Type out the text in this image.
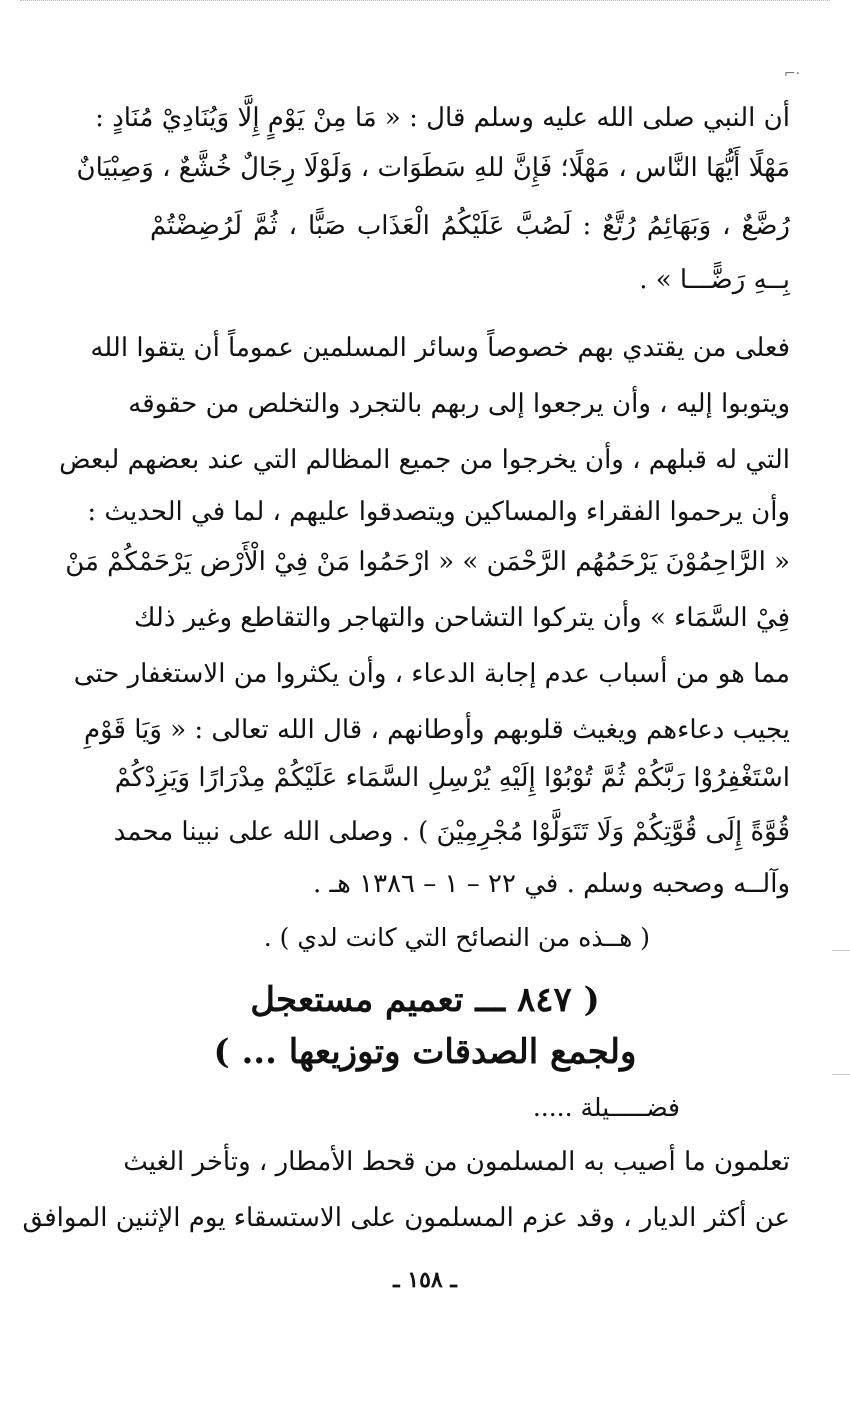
·⌐
أن النبي صلى الله عليه وسلم قال : « مَا مِنْ يَوْمٍ إِلَّا وَيُنَادِيْ مُنَادٍ :
مَهْلًا أَيُّهَا النَّاس ، مَهْلًا؛ فَإِنَّ للهِ سَطَوَات ، وَلَوْلَا رِجَالٌ خُشَّعٌ ، وَصِبْيَانٌ
رُضَّعٌ ، وَبَهَائِمُ رُتَّعٌ : لَصُبَّ عَلَيْكُمُ الْعَذَاب صَبًّا ، ثُمَّ لَرُضِضْتُمْ
بِــهِ رَضًّـــا » .
فعلى من يقتدي بهم خصوصاً وسائر المسلمين عموماً أن يتقوا الله
ويتوبوا إليه ، وأن يرجعوا إلى ربهم بالتجرد والتخلص من حقوقه
التي له قبلهم ، وأن يخرجوا من جميع المظالم التي عند بعضهم لبعض
وأن يرحموا الفقراء والمساكين ويتصدقوا عليهم ، لما في الحديث :
« الرَّاحِمُوْنَ يَرْحَمُهُم الرَّحْمَن » « ارْحَمُوا مَنْ فِيْ الْأَرْض يَرْحَمْكُمْ مَنْ
فِيْ السَّمَاء » وأن يتركوا التشاحن والتهاجر والتقاطع وغير ذلك
مما هو من أسباب عدم إجابة الدعاء ، وأن يكثروا من الاستغفار حتى
يجيب دعاءهم ويغيث قلوبهم وأوطانهم ، قال الله تعالى : « وَيَا قَوْمِ
اسْتَغْفِرُوْا رَبَّكُمْ ثُمَّ تُوْبُوْا إِلَيْهِ يُرْسِلِ السَّمَاء عَلَيْكُمْ مِدْرَارًا وَيَزِدْكُمْ
قُوَّةً إِلَى قُوَّتِكُمْ وَلَا تَتَوَلَّوْا مُجْرِمِيْنَ ) . وصلى الله على نبينا محمد
وآلــه وصحبه وسلم . في ٢٢ – ١ – ١٣٨٦ هـ .
( هــذه من النصائح التي كانت لدي ) .
( ٨٤٧ ـــ تعميم مستعجل
ولجمع الصدقات وتوزيعها ... )
فضـــــيلة .....
تعلمون ما أصيب به المسلمون من قحط الأمطار ، وتأخر الغيث
عن أكثر الديار ، وقد عزم المسلمون على الاستسقاء يوم الإثنين الموافق
ـ ١٥٨ ـ
